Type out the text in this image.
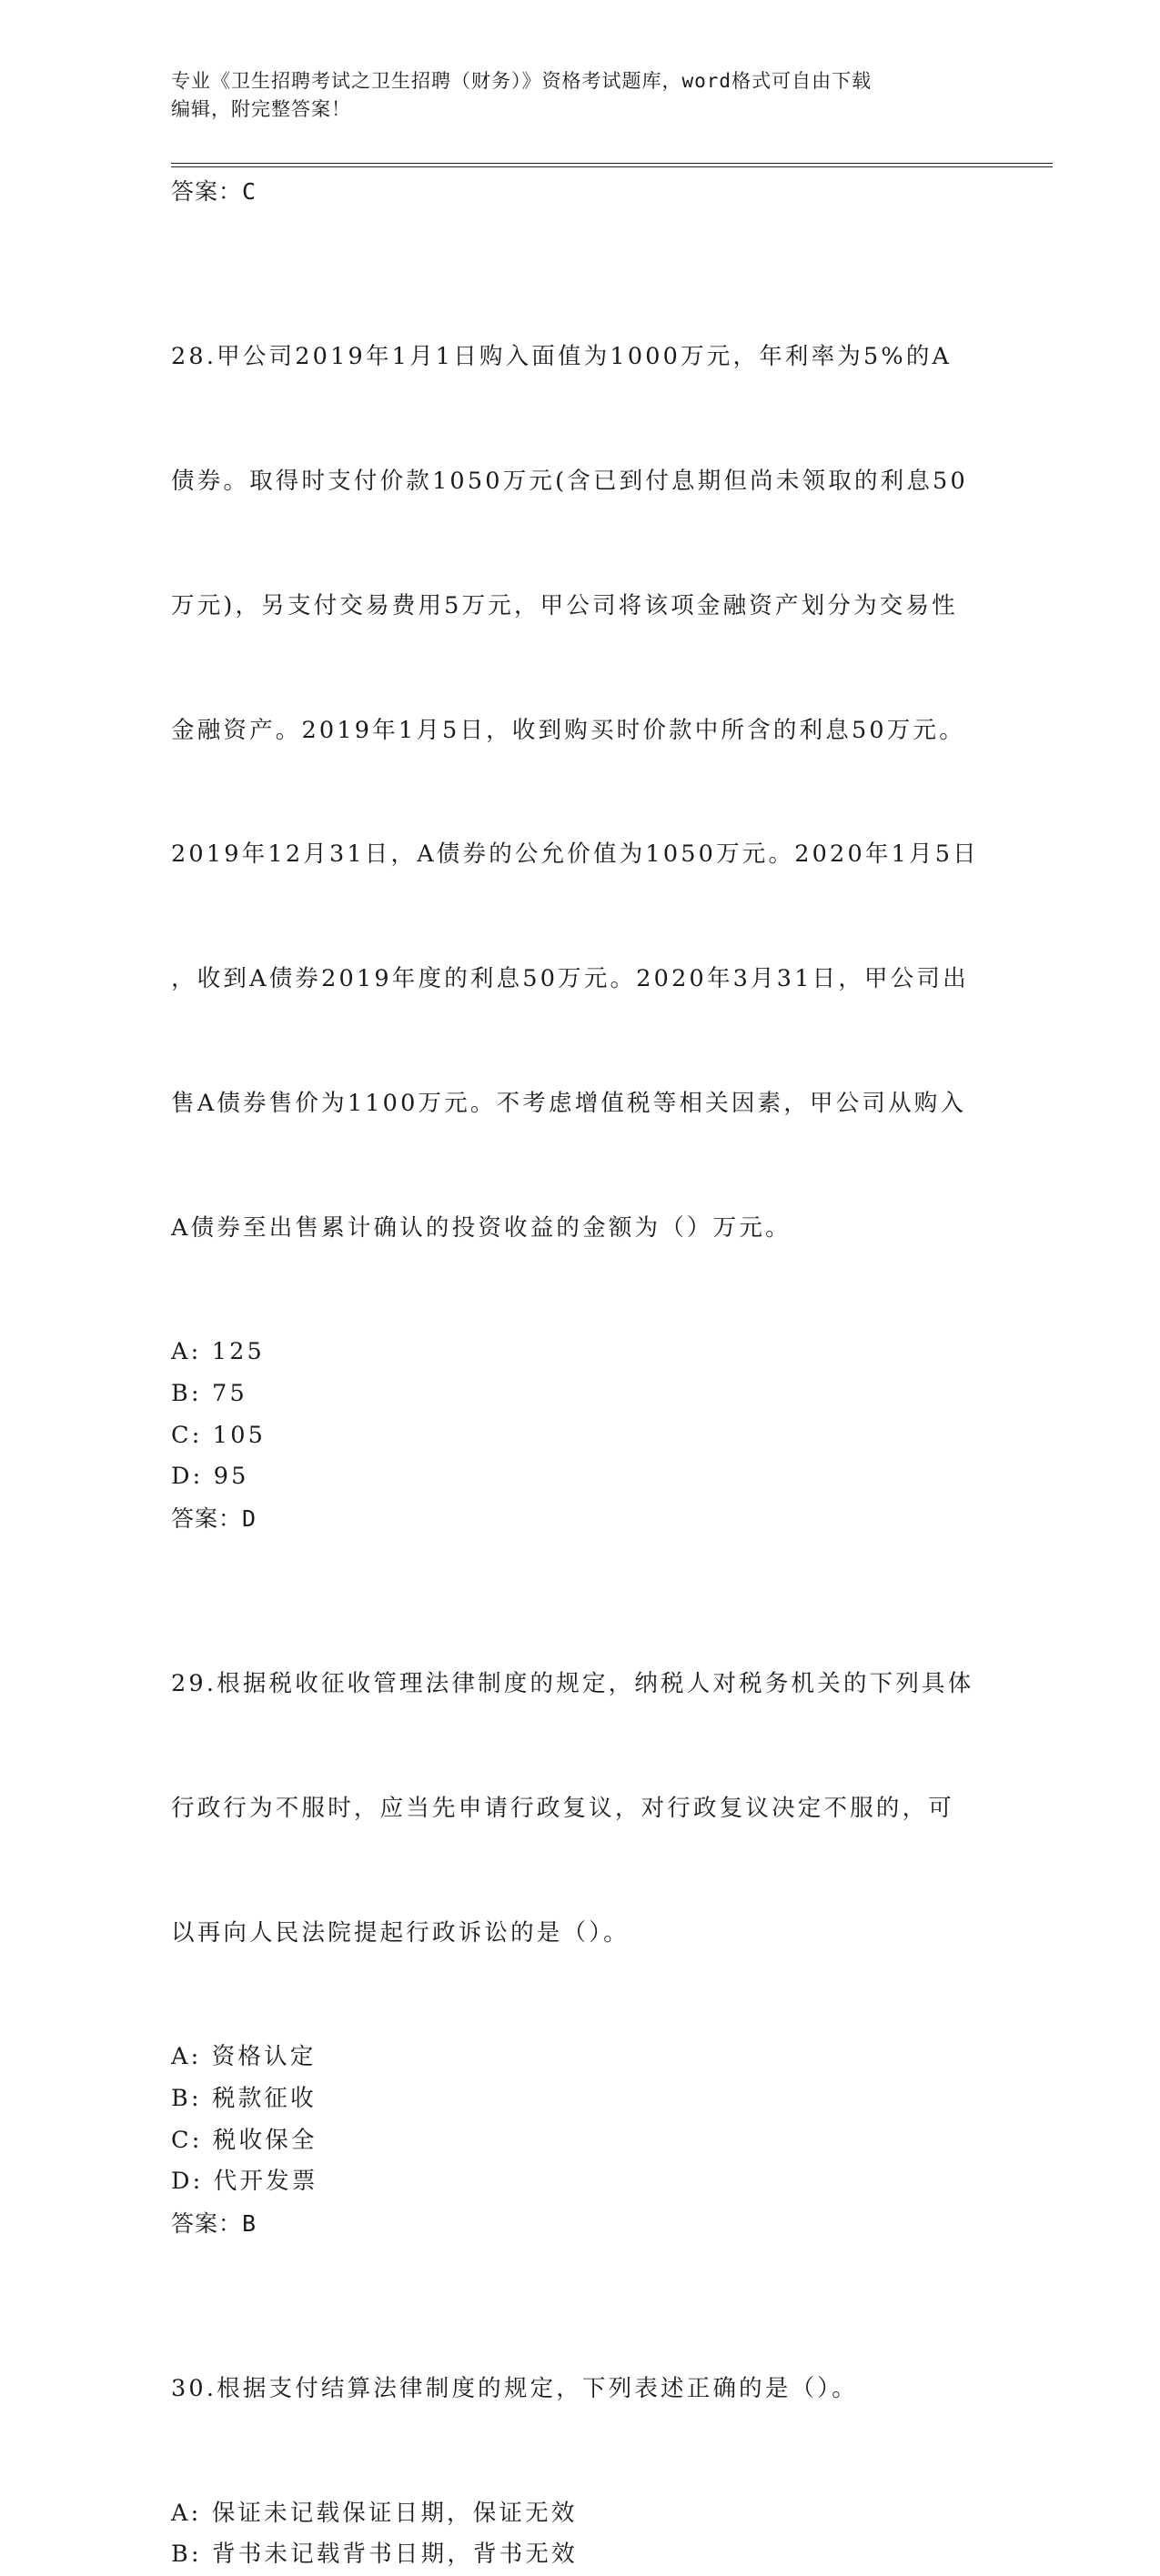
专业《卫生招聘考试之卫生招聘（财务）》资格考试题库，word格式可自由下载
编辑，附完整答案！
答案：C

28.甲公司2019年1月1日购入面值为1000万元，年利率为5%的A

债券。取得时支付价款1050万元(含已到付息期但尚未领取的利息50

万元)，另支付交易费用5万元，甲公司将该项金融资产划分为交易性

金融资产。2019年1月5日，收到购买时价款中所含的利息50万元。

2019年12月31日，A债券的公允价值为1050万元。2020年1月5日

，收到A债券2019年度的利息50万元。2020年3月31日，甲公司出

售A债券售价为1100万元。不考虑增值税等相关因素，甲公司从购入

A债券至出售累计确认的投资收益的金额为（）万元。

A: 125
B: 75
C: 105
D: 95
答案：D

29.根据税收征收管理法律制度的规定，纳税人对税务机关的下列具体

行政行为不服时，应当先申请行政复议，对行政复议决定不服的，可

以再向人民法院提起行政诉讼的是（）。

A: 资格认定
B: 税款征收
C: 税收保全
D: 代开发票
答案：B

30.根据支付结算法律制度的规定，下列表述正确的是（）。

A: 保证未记载保证日期，保证无效
B: 背书未记载背书日期，背书无效
